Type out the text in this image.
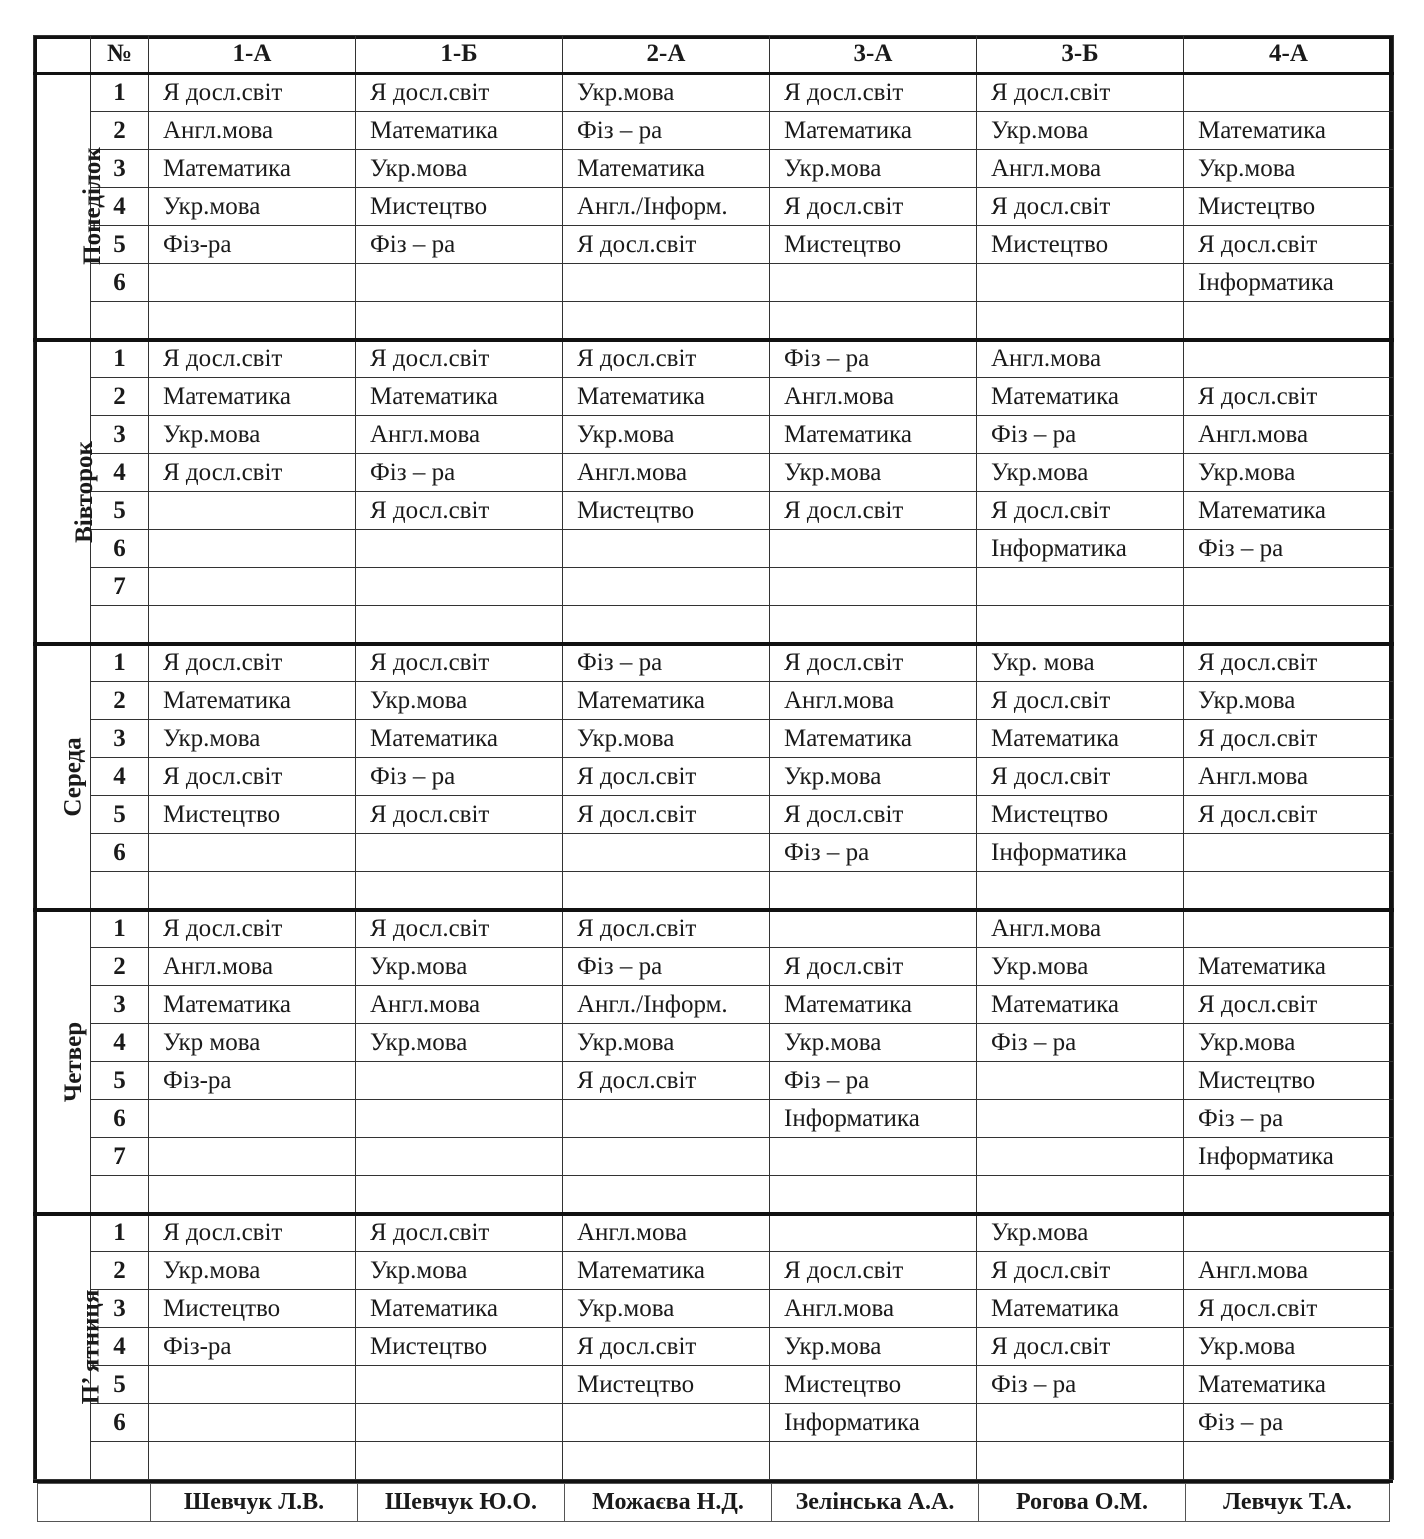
	№	1-А	1-Б	2-А	3-А	3-Б	4-А
Понеділок	1	Я досл.світ	Я досл.світ	Укр.мова	Я досл.світ	Я досл.світ	
	2	Англ.мова	Математика	Фіз – ра	Математика	Укр.мова	Математика
	3	Математика	Укр.мова	Математика	Укр.мова	Англ.мова	Укр.мова
	4	Укр.мова	Мистецтво	Англ./Інформ.	Я досл.світ	Я досл.світ	Мистецтво
	5	Фіз-ра	Фіз – ра	Я досл.світ	Мистецтво	Мистецтво	Я досл.світ
	6						Інформатика

Вівторок	1	Я досл.світ	Я досл.світ	Я досл.світ	Фіз – ра	Англ.мова	
	2	Математика	Математика	Математика	Англ.мова	Математика	Я досл.світ
	3	Укр.мова	Англ.мова	Укр.мова	Математика	Фіз – ра	Англ.мова
	4	Я досл.світ	Фіз – ра	Англ.мова	Укр.мова	Укр.мова	Укр.мова
	5		Я досл.світ	Мистецтво	Я досл.світ	Я досл.світ	Математика
	6					Інформатика	Фіз – ра
	7						

Середа	1	Я досл.світ	Я досл.світ	Фіз – ра	Я досл.світ	Укр. мова	Я досл.світ
	2	Математика	Укр.мова	Математика	Англ.мова	Я досл.світ	Укр.мова
	3	Укр.мова	Математика	Укр.мова	Математика	Математика	Я досл.світ
	4	Я досл.світ	Фіз – ра	Я досл.світ	Укр.мова	Я досл.світ	Англ.мова
	5	Мистецтво	Я досл.світ	Я досл.світ	Я досл.світ	Мистецтво	Я досл.світ
	6				Фіз – ра	Інформатика	

Четвер	1	Я досл.світ	Я досл.світ	Я досл.світ		Англ.мова	
	2	Англ.мова	Укр.мова	Фіз – ра	Я досл.світ	Укр.мова	Математика
	3	Математика	Англ.мова	Англ./Інформ.	Математика	Математика	Я досл.світ
	4	Укр мова	Укр.мова	Укр.мова	Укр.мова	Фіз – ра	Укр.мова
	5	Фіз-ра		Я досл.світ	Фіз – ра		Мистецтво
	6				Інформатика		Фіз – ра
	7						Інформатика

П’ ятниця	1	Я досл.світ	Я досл.світ	Англ.мова		Укр.мова	
	2	Укр.мова	Укр.мова	Математика	Я досл.світ	Я досл.світ	Англ.мова
	3	Мистецтво	Математика	Укр.мова	Англ.мова	Математика	Я досл.світ
	4	Фіз-ра	Мистецтво	Я досл.світ	Укр.мова	Я досл.світ	Укр.мова
	5			Мистецтво	Мистецтво	Фіз – ра	Математика
	6				Інформатика		Фіз – ра

	Шевчук Л.В.	Шевчук Ю.О.	Можаєва Н.Д.	Зелінська А.А.	Рогова О.М.	Левчук Т.А.
